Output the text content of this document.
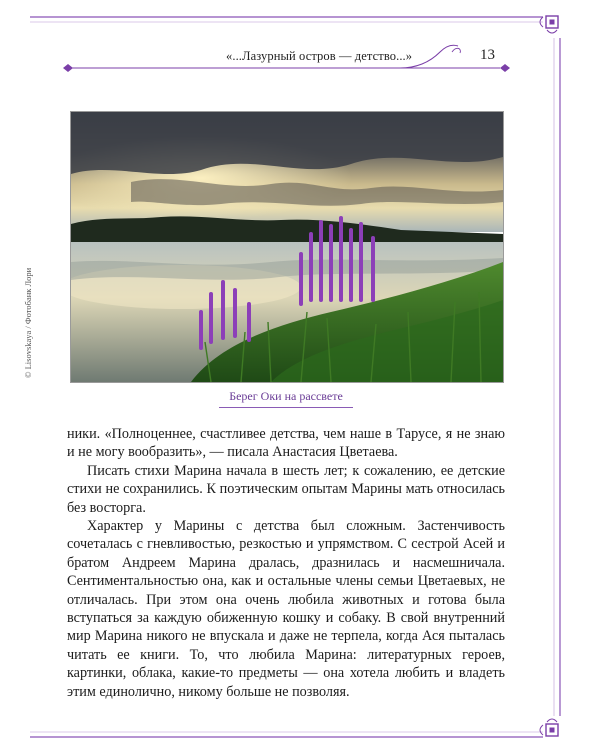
«...Лазурный остров — детство...»	13
© Lisovskaya / Фотобанк Лори
Берег Оки на рассвете

ники. «Полноценнее, счастливее детства, чем наше в Тарусе, я не знаю и не могу вообразить», — писала Анастасия Цветаева.

Писать стихи Марина начала в шесть лет; к сожалению, ее детские стихи не сохранились. К поэтическим опытам Марины мать относилась без восторга.

Характер у Марины с детства был сложным. Застенчивость сочеталась с гневливостью, резкостью и упрямством. С сестрой Асей и братом Андреем Марина дралась, дразнилась и насмешничала. Сентиментальностью она, как и остальные члены семьи Цветаевых, не отличалась. При этом она очень любила животных и готова была вступаться за каждую обиженную кошку и собаку. В свой внутренний мир Марина никого не впускала и даже не терпела, когда Ася пыталась читать ее книги. То, что любила Марина: литературных героев, картинки, облака, какие-то предметы — она хотела любить и владеть этим единолично, никому больше не позволяя.
